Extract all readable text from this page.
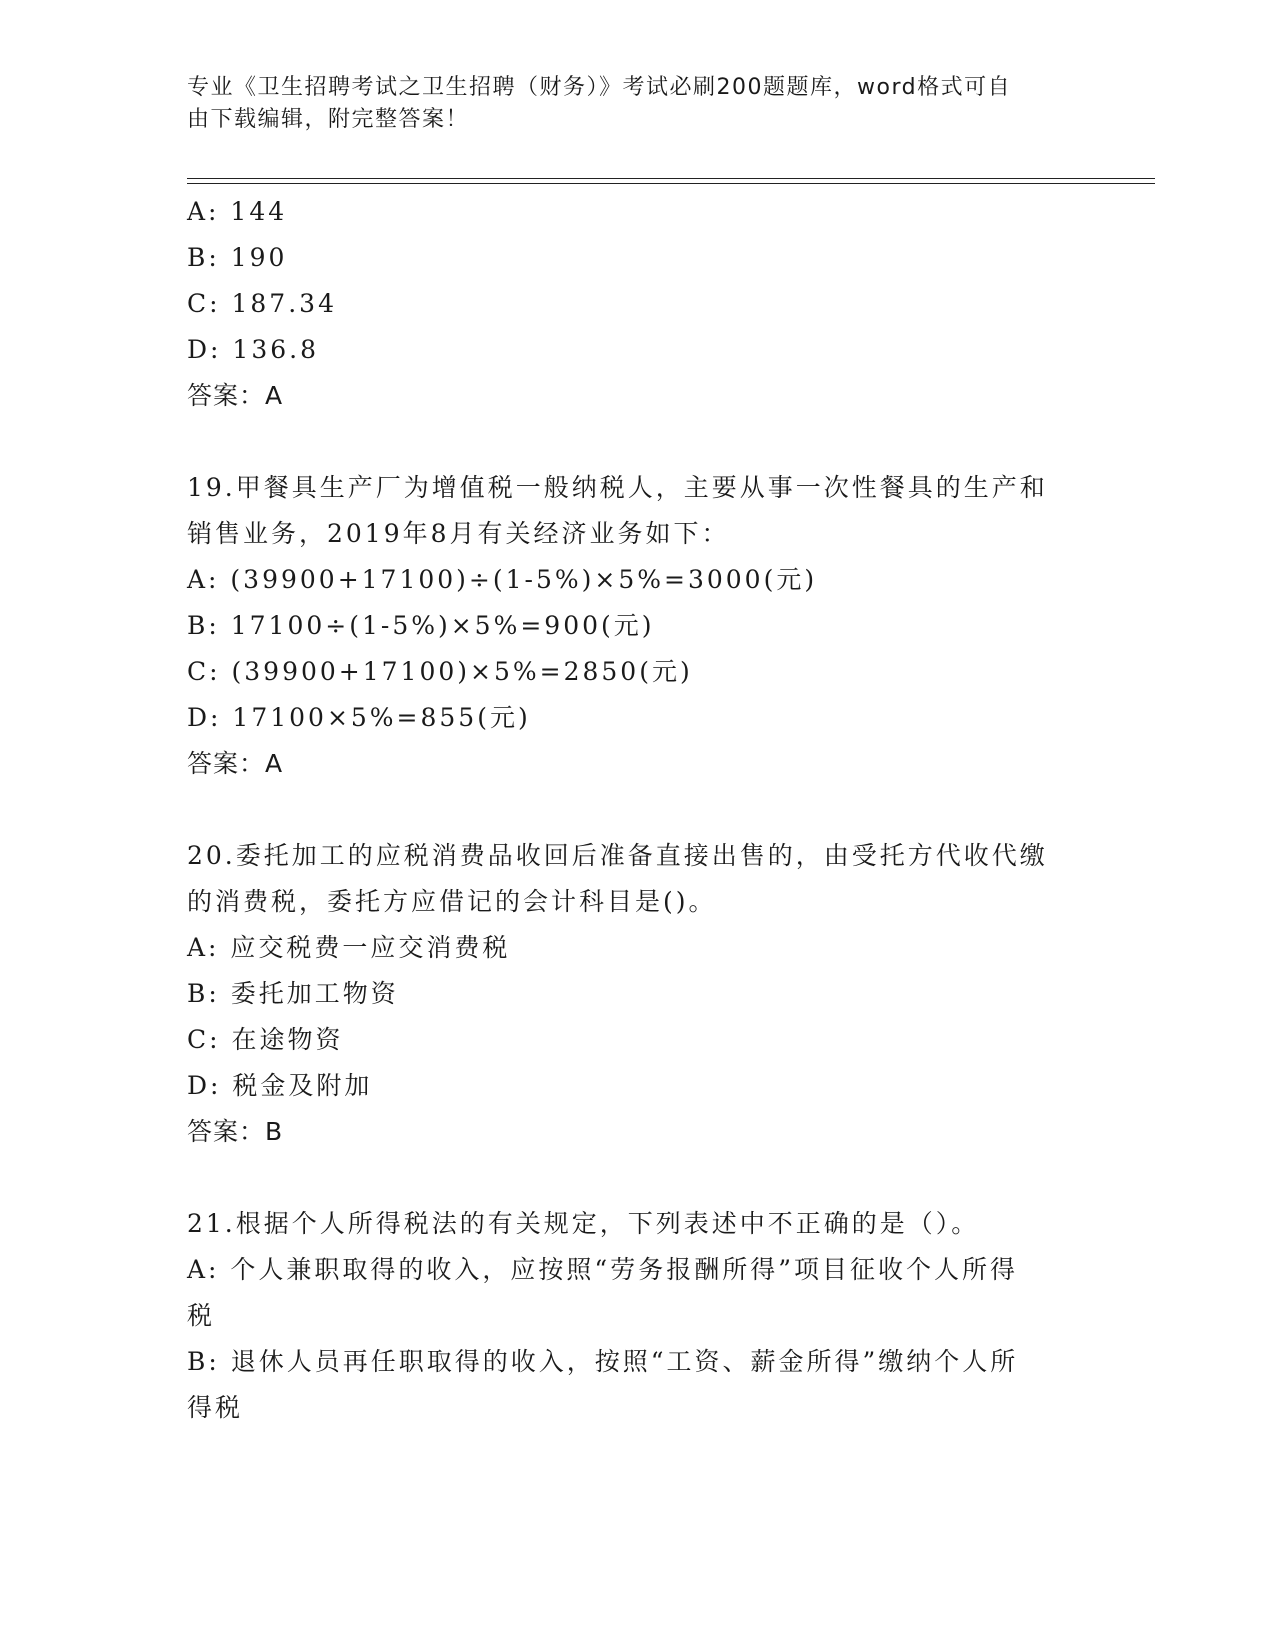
专业《卫生招聘考试之卫生招聘（财务）》考试必刷200题题库，word格式可自
由下载编辑，附完整答案！
A: 144
B: 190
C: 187.34
D: 136.8
答案：A
19.甲餐具生产厂为增值税一般纳税人，主要从事一次性餐具的生产和
销售业务，2019年8月有关经济业务如下：
A: (39900+17100)÷(1-5%)×5%=3000(元)
B: 17100÷(1-5%)×5%=900(元)
C: (39900+17100)×5%=2850(元)
D: 17100×5%=855(元)
答案：A
20.委托加工的应税消费品收回后准备直接出售的，由受托方代收代缴
的消费税，委托方应借记的会计科目是()。
A: 应交税费一应交消费税
B: 委托加工物资
C: 在途物资
D: 税金及附加
答案：B
21.根据个人所得税法的有关规定，下列表述中不正确的是（）。
A: 个人兼职取得的收入，应按照“劳务报酬所得”项目征收个人所得
税
B: 退休人员再任职取得的收入，按照“工资、薪金所得”缴纳个人所
得税
